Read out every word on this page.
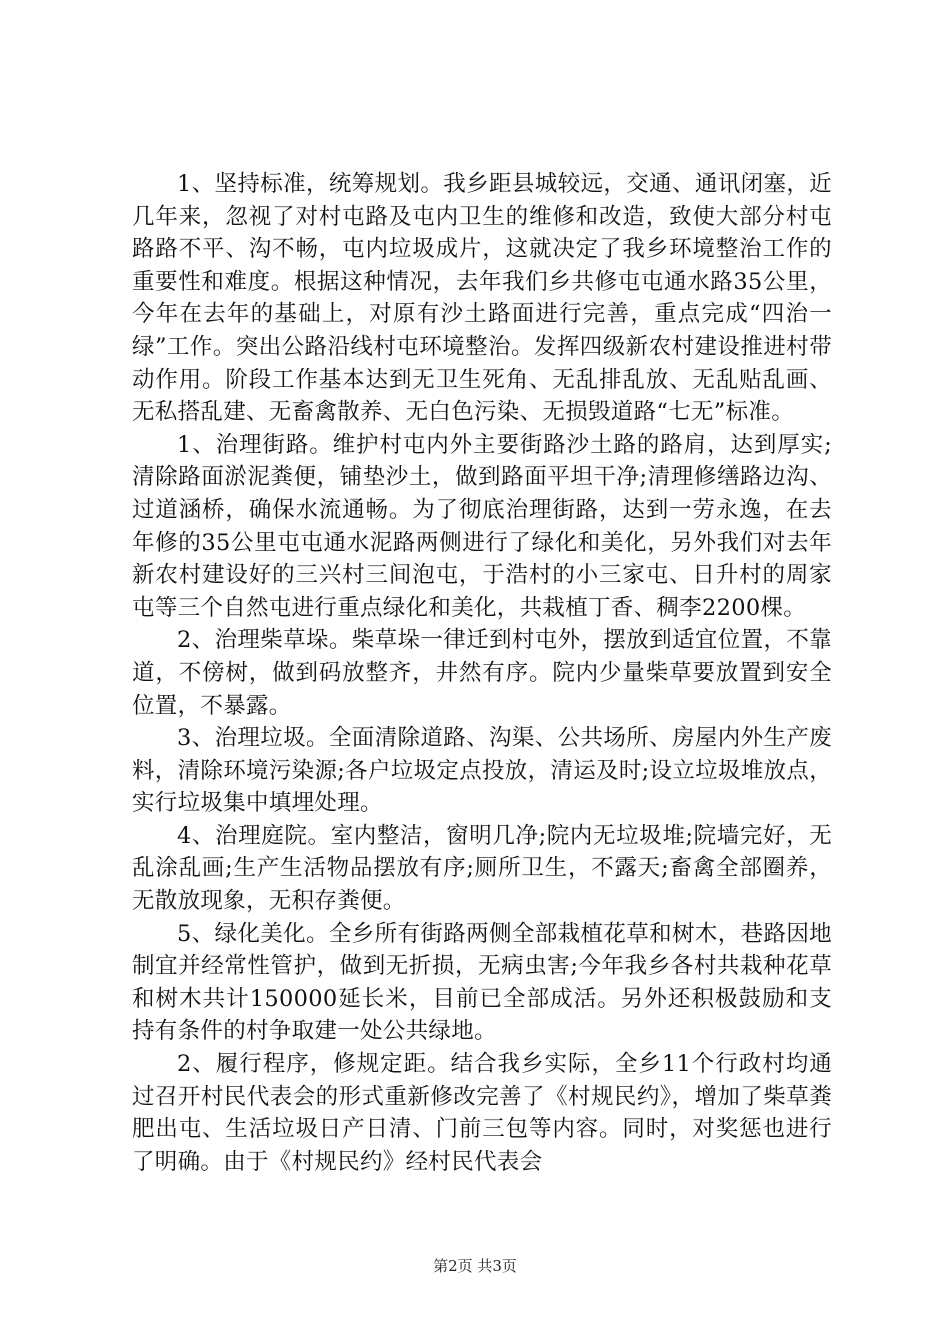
1、坚持标准，统筹规划。我乡距县城较远，交通、通讯闭塞，近几年来，忽视了对村屯路及屯内卫生的维修和改造，致使大部分村屯路路不平、沟不畅，屯内垃圾成片，这就决定了我乡环境整治工作的重要性和难度。根据这种情况，去年我们乡共修屯屯通水路35公里，今年在去年的基础上，对原有沙土路面进行完善，重点完成“四治一绿”工作。突出公路沿线村屯环境整治。发挥四级新农村建设推进村带动作用。阶段工作基本达到无卫生死角、无乱排乱放、无乱贴乱画、无私搭乱建、无畜禽散养、无白色污染、无损毁道路“七无”标准。

1、治理街路。维护村屯内外主要街路沙土路的路肩，达到厚实;清除路面淤泥粪便，铺垫沙土，做到路面平坦干净;清理修缮路边沟、过道涵桥，确保水流通畅。为了彻底治理街路，达到一劳永逸，在去年修的35公里屯屯通水泥路两侧进行了绿化和美化，另外我们对去年新农村建设好的三兴村三间泡屯，于浩村的小三家屯、日升村的周家屯等三个自然屯进行重点绿化和美化，共栽植丁香、稠李2200棵。

2、治理柴草垛。柴草垛一律迁到村屯外，摆放到适宜位置，不靠道，不傍树，做到码放整齐，井然有序。院内少量柴草要放置到安全位置，不暴露。

3、治理垃圾。全面清除道路、沟渠、公共场所、房屋内外生产废料，清除环境污染源;各户垃圾定点投放，清运及时;设立垃圾堆放点，实行垃圾集中填埋处理。

4、治理庭院。室内整洁，窗明几净;院内无垃圾堆;院墙完好，无乱涂乱画;生产生活物品摆放有序;厕所卫生，不露天;畜禽全部圈养，无散放现象，无积存粪便。

5、绿化美化。全乡所有街路两侧全部栽植花草和树木，巷路因地制宜并经常性管护，做到无折损，无病虫害;今年我乡各村共栽种花草和树木共计150000延长米，目前已全部成活。另外还积极鼓励和支持有条件的村争取建一处公共绿地。

2、履行程序，修规定距。结合我乡实际，全乡11个行政村均通过召开村民代表会的形式重新修改完善了《村规民约》，增加了柴草粪肥出屯、生活垃圾日产日清、门前三包等内容。同时，对奖惩也进行了明确。由于《村规民约》经村民代表会

第2页 共3页
